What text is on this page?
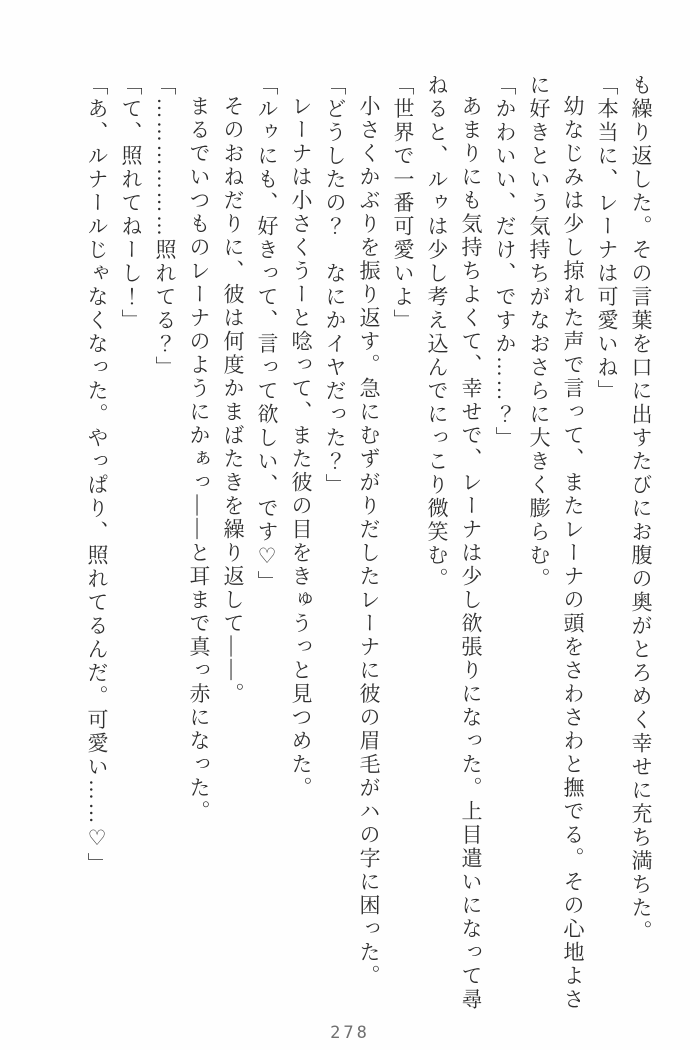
も繰り返した。その言葉を口に出すたびにお腹の奥がとろめく幸せに充ち満ちた。

「本当に、レーナは可愛いね」

幼なじみは少し掠れた声で言って、またレーナの頭をさわさわと撫でる。その心地よさに好きという気持ちがなおさらに大きく膨らむ。

「かわいい、だけ、ですか……？」

あまりにも気持ちよくて、幸せで、レーナは少し欲張りになった。上目遣いになって尋ねると、ルゥは少し考え込んでにっこり微笑む。

「世界で一番可愛いよ」

小さくかぶりを振り返す。急にむずがりだしたレーナに彼の眉毛がハの字に困った。

「どうしたの？　なにかイヤだった？」

レーナは小さくうーと唸って、また彼の目をきゅうっと見つめた。

「ルゥにも、好きって、言って欲しい、です♡」

そのおねだりに、彼は何度かまばたきを繰り返して――。

まるでいつものレーナのようにかぁっ――と耳まで真っ赤になった。

「………………照れてる？」

「て、照れてねーし！」

「あ、ルナールじゃなくなった。やっぱり、照れてるんだ。可愛い……♡」

278
